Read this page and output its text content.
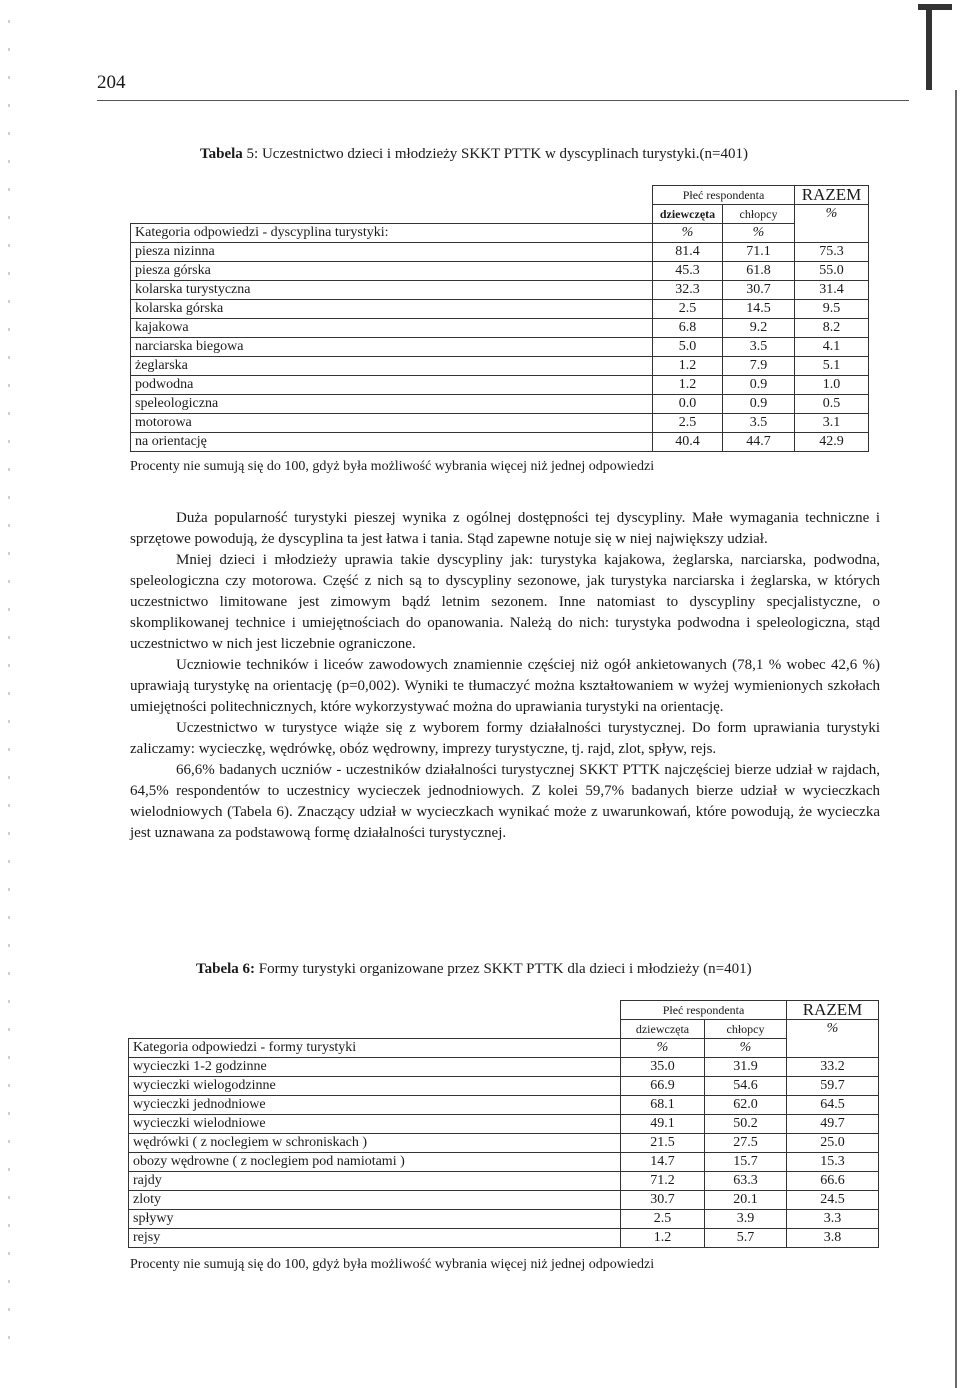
204
Tabela 5: Uczestnictwo dzieci i młodzieży SKKT PTTK w dyscyplinach turystyki.(n=401)
	Płeć respondenta		RAZEM
	dziewczęta	chłopcy	%
Kategoria odpowiedzi - dyscyplina turystyki:	%	%	
piesza nizinna	81.4	71.1	75.3
piesza górska	45.3	61.8	55.0
kolarska turystyczna	32.3	30.7	31.4
kolarska górska	2.5	14.5	9.5
kajakowa	6.8	9.2	8.2
narciarska biegowa	5.0	3.5	4.1
żeglarska	1.2	7.9	5.1
podwodna	1.2	0.9	1.0
speleologiczna	0.0	0.9	0.5
motorowa	2.5	3.5	3.1
na orientację	40.4	44.7	42.9
Procenty nie sumują się do 100, gdyż była możliwość wybrania więcej niż jednej odpowiedzi

Duża popularność turystyki pieszej wynika z ogólnej dostępności tej dyscypliny. Małe wymagania techniczne i sprzętowe powodują, że dyscyplina ta jest łatwa i tania. Stąd zapewne notuje się w niej największy udział.

Mniej dzieci i młodzieży uprawia takie dyscypliny jak: turystyka kajakowa, żeglarska, narciarska, podwodna, speleologiczna czy motorowa. Część z nich są to dyscypliny sezonowe, jak turystyka narciarska i żeglarska, w których uczestnictwo limitowane jest zimowym bądź letnim sezonem. Inne natomiast to dyscypliny specjalistyczne, o skomplikowanej technice i umiejętnościach do opanowania. Należą do nich: turystyka podwodna i speleologiczna, stąd uczestnictwo w nich jest liczebnie ograniczone.

Uczniowie techników i liceów zawodowych znamiennie częściej niż ogół ankietowanych (78,1 % wobec 42,6 %) uprawiają turystykę na orientację (p=0,002). Wyniki te tłumaczyć można kształtowaniem w wyżej wymienionych szkołach umiejętności politechnicznych, które wykorzystywać można do uprawiania turystyki na orientację.

Uczestnictwo w turystyce wiąże się z wyborem formy działalności turystycznej. Do form uprawiania turystyki zaliczamy: wycieczkę, wędrówkę, obóz wędrowny, imprezy turystyczne, tj. rajd, zlot, spływ, rejs.

66,6% badanych uczniów - uczestników działalności turystycznej SKKT PTTK najczęściej bierze udział w rajdach, 64,5% respondentów to uczestnicy wycieczek jednodniowych. Z kolei 59,7% badanych bierze udział w wycieczkach wielodniowych (Tabela 6). Znaczący udział w wycieczkach wynikać może z uwarunkowań, które powodują, że wycieczka jest uznawana za podstawową formę działalności turystycznej.

Tabela 6: Formy turystyki organizowane przez SKKT PTTK dla dzieci i młodzieży (n=401)
	Płeć respondenta		RAZEM
	dziewczęta	chłopcy	%
Kategoria odpowiedzi - formy turystyki	%	%	
wycieczki 1-2 godzinne	35.0	31.9	33.2
wycieczki wielogodzinne	66.9	54.6	59.7
wycieczki jednodniowe	68.1	62.0	64.5
wycieczki wielodniowe	49.1	50.2	49.7
wędrówki ( z noclegiem w schroniskach )	21.5	27.5	25.0
obozy wędrowne ( z noclegiem pod namiotami )	14.7	15.7	15.3
rajdy	71.2	63.3	66.6
zloty	30.7	20.1	24.5
spływy	2.5	3.9	3.3
rejsy	1.2	5.7	3.8
Procenty nie sumują się do 100, gdyż była możliwość wybrania więcej niż jednej odpowiedzi
